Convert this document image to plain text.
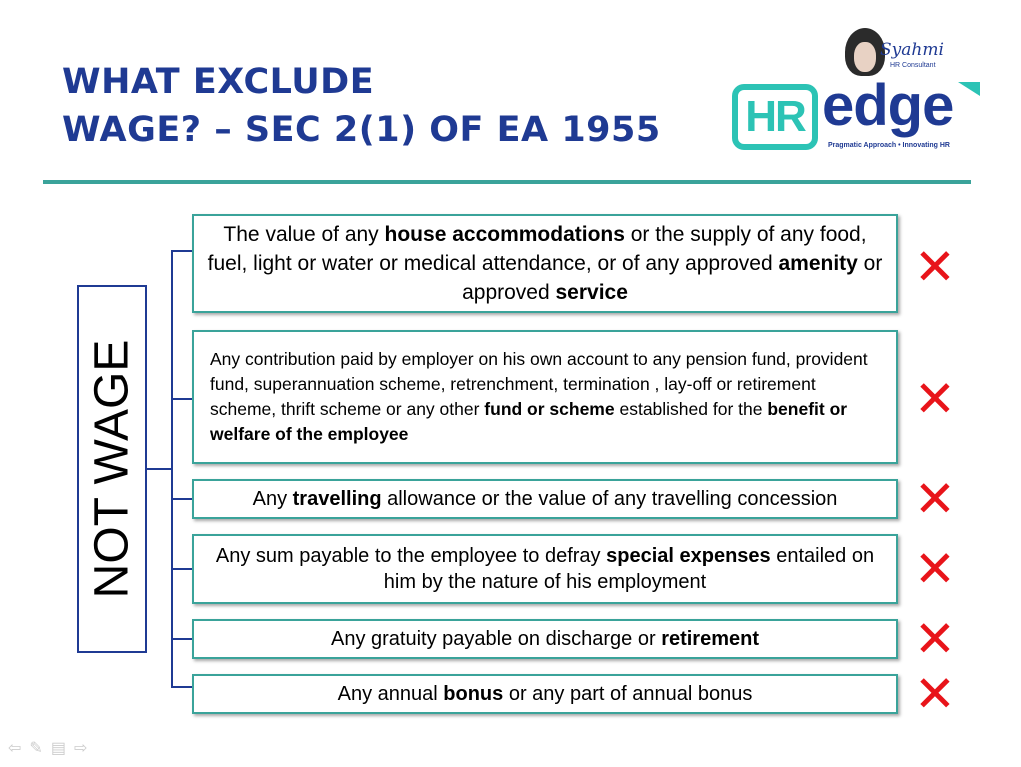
WHAT EXCLUDE
WAGE? – SEC 2(1) OF EA 1955
Syahmi
HR Consultant
HR edge
Pragmatic Approach • Innovating HR
NOT WAGE

The value of any house accommodations or the supply of any food, fuel, light or water or medical attendance, or of any approved amenity or approved service	✕

Any contribution paid by employer on his own account to any pension fund, provident fund, superannuation scheme, retrenchment, termination , lay-off or retirement scheme, thrift scheme or any other fund or scheme established for the benefit or welfare of the employee

✕

Any travelling allowance or the value of any travelling concession ✕

Any sum payable to the employee to defray special expenses entailed on him by the nature of his employment	✕

Any gratuity payable on discharge or retirement	✕

Any annual bonus or any part of annual bonus	✕
⇦✎▤⇨
